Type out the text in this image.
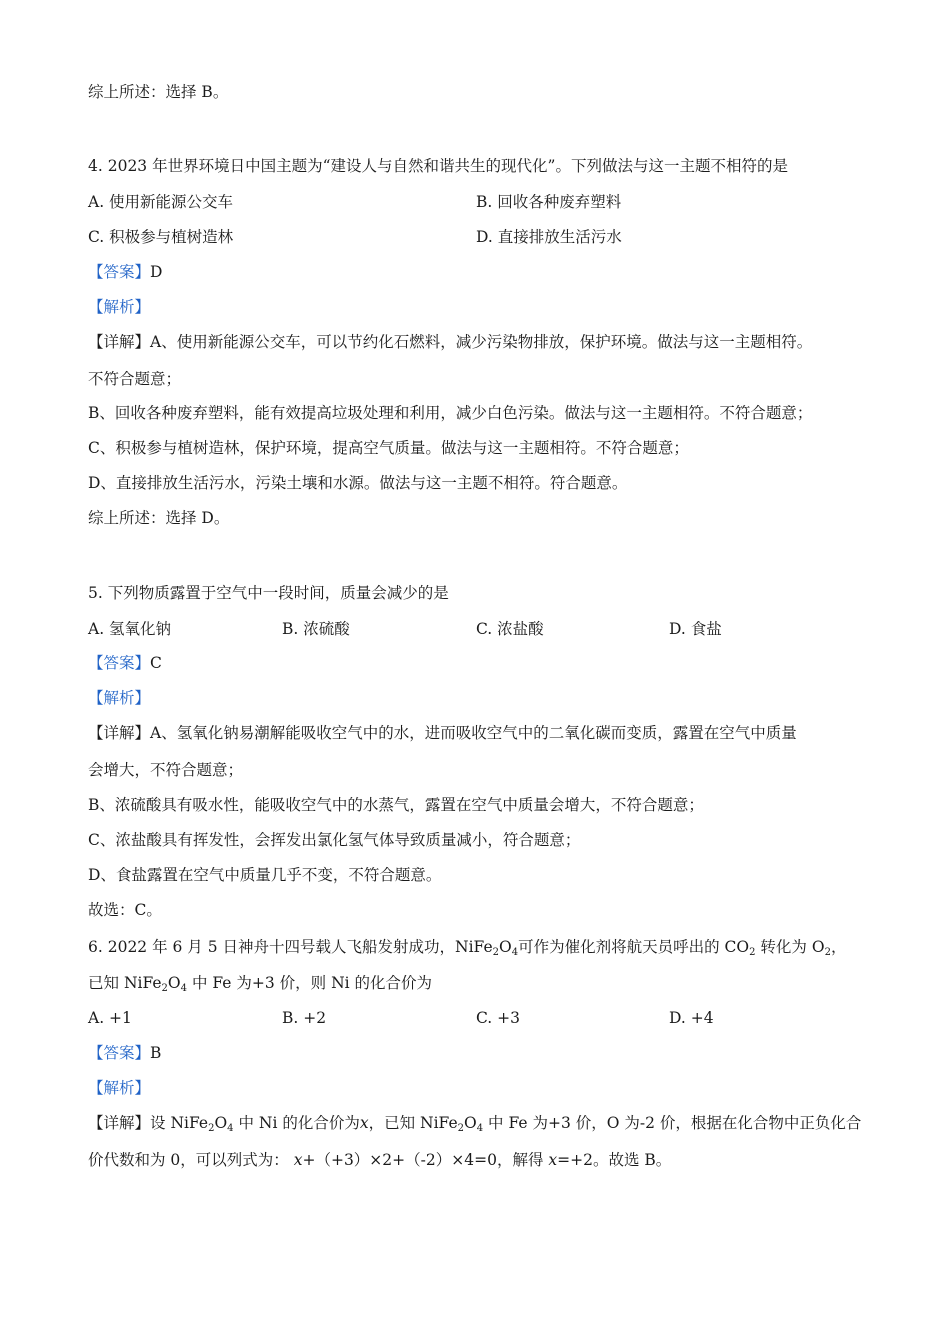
综上所述：选择 B。
4. 2023 年世界环境日中国主题为“建设人与自然和谐共生的现代化”。下列做法与这一主题不相符的是
A. 使用新能源公交车	B. 回收各种废弃塑料
C. 积极参与植树造林	D. 直接排放生活污水
【答案】D
【解析】
【详解】A、使用新能源公交车，可以节约化石燃料，减少污染物排放，保护环境。做法与这一主题相符。
不符合题意；
B、回收各种废弃塑料，能有效提高垃圾处理和利用，减少白色污染。做法与这一主题相符。不符合题意；
C、积极参与植树造林，保护环境，提高空气质量。做法与这一主题相符。不符合题意；
D、直接排放生活污水，污染土壤和水源。做法与这一主题不相符。符合题意。
综上所述：选择 D。
5. 下列物质露置于空气中一段时间，质量会减少的是
A. 氢氧化钠	B. 浓硫酸	C. 浓盐酸	D. 食盐
【答案】C
【解析】
【详解】A、氢氧化钠易潮解能吸收空气中的水，进而吸收空气中的二氧化碳而变质，露置在空气中质量
会增大，不符合题意；
B、浓硫酸具有吸水性，能吸收空气中的水蒸气，露置在空气中质量会增大，不符合题意；
C、浓盐酸具有挥发性，会挥发出氯化氢气体导致质量减小，符合题意；
D、食盐露置在空气中质量几乎不变，不符合题意。
故选：C。
6. 2022 年 6 月 5 日神舟十四号载人飞船发射成功，$NiFe_2O_4$可作为催化剂将航天员呼出的 $CO_2$ 转化为 $O_2$，
已知 $NiFe_2O_4$ 中 Fe 为+3 价，则 Ni 的化合价为
A. +1	B. +2	C. +3	D. +4
【答案】B
【解析】
【详解】设 $NiFe_2O_4$ 中 Ni 的化合价为x，已知 $NiFe_2O_4$ 中 Fe 为+3 价，O 为-2 价，根据在化合物中正负化合
价代数和为 0，可以列式为： x+（+3）×2+（-2）×4=0，解得 x=+2。故选 B。
